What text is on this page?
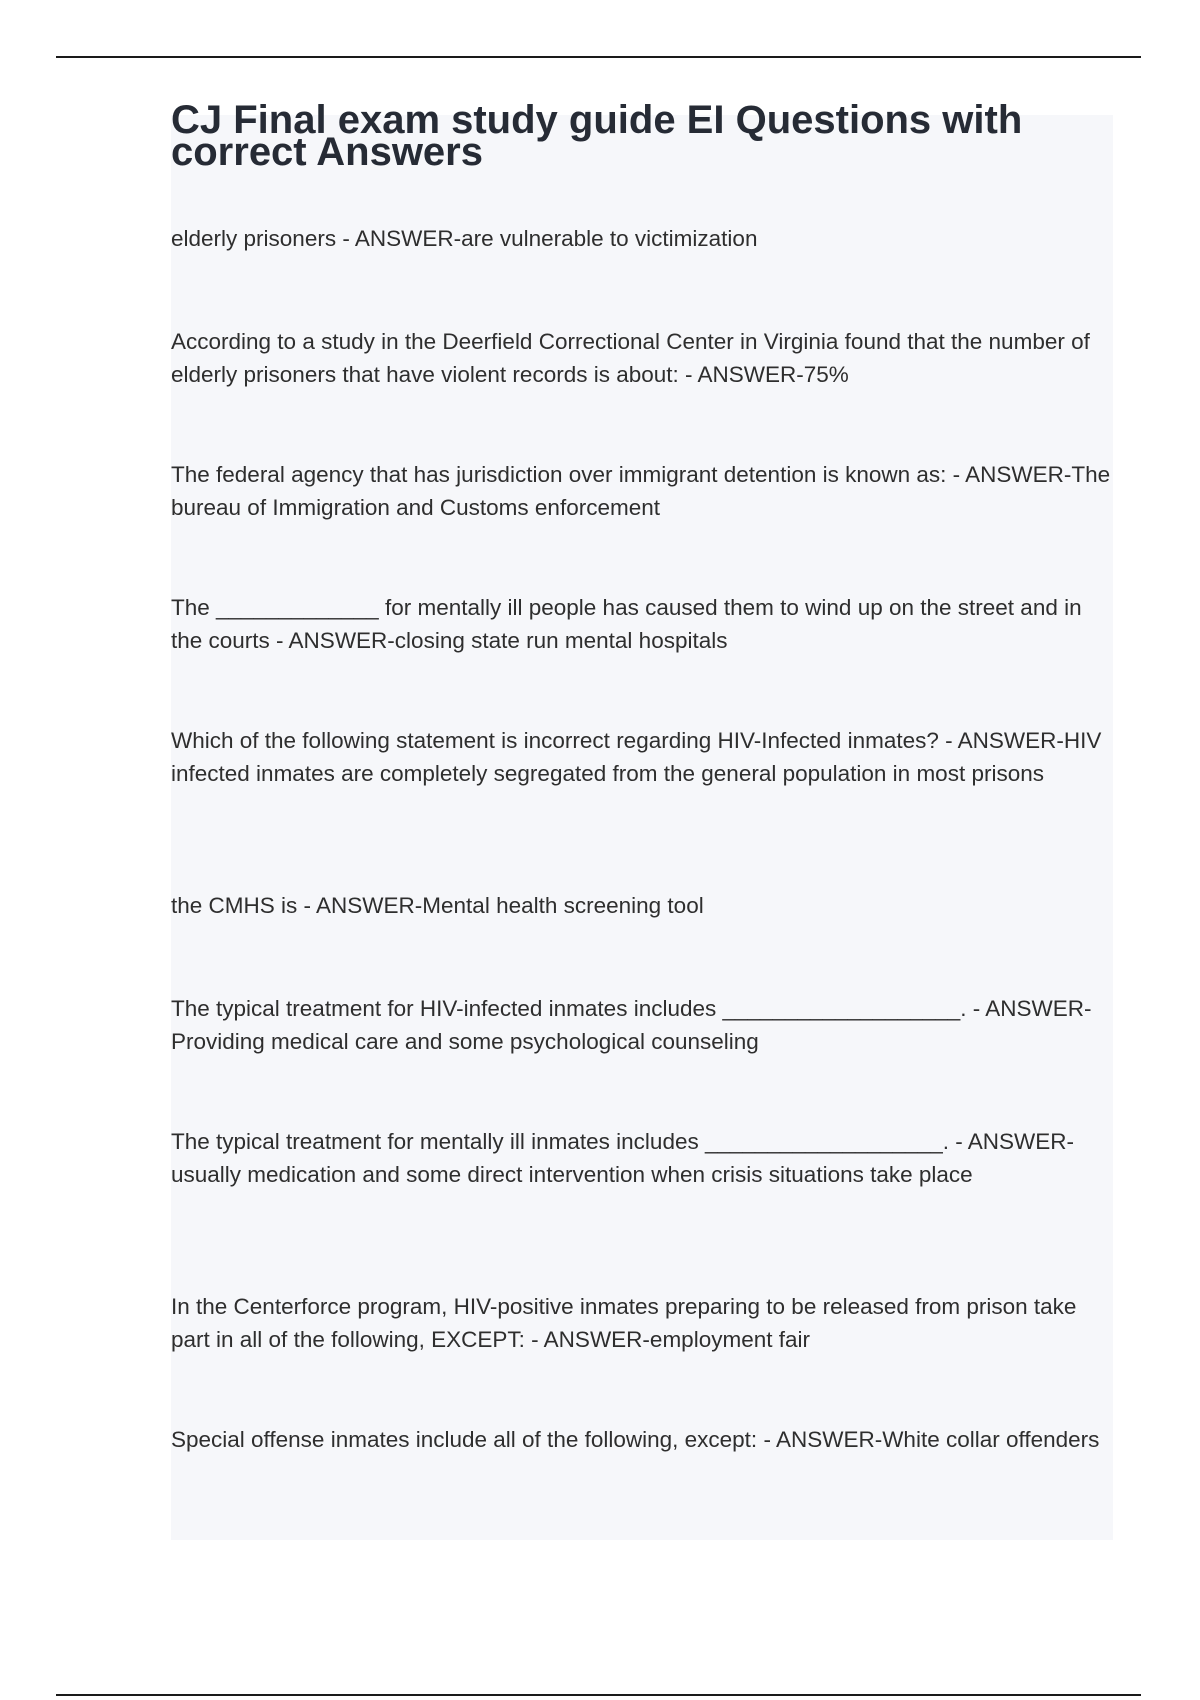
CJ Final exam study guide EI Questions with correct Answers
elderly prisoners - ANSWER-are vulnerable to victimization
According to a study in the Deerfield Correctional Center in Virginia found that the number of elderly prisoners that have violent records is about: - ANSWER-75%
The federal agency that has jurisdiction over immigrant detention is known as: - ANSWER-The bureau of Immigration and Customs enforcement
The _____________ for mentally ill people has caused them to wind up on the street and in the courts - ANSWER-closing state run mental hospitals
Which of the following statement is incorrect regarding HIV-Infected inmates? - ANSWER-HIV infected inmates are completely segregated from the general population in most prisons
the CMHS is - ANSWER-Mental health screening tool
The typical treatment for HIV-infected inmates includes ___________________. - ANSWER-Providing medical care and some psychological counseling
The typical treatment for mentally ill inmates includes ___________________. - ANSWER-usually medication and some direct intervention when crisis situations take place
In the Centerforce program, HIV-positive inmates preparing to be released from prison take part in all of the following, EXCEPT: - ANSWER-employment fair
Special offense inmates include all of the following, except: - ANSWER-White collar offenders
